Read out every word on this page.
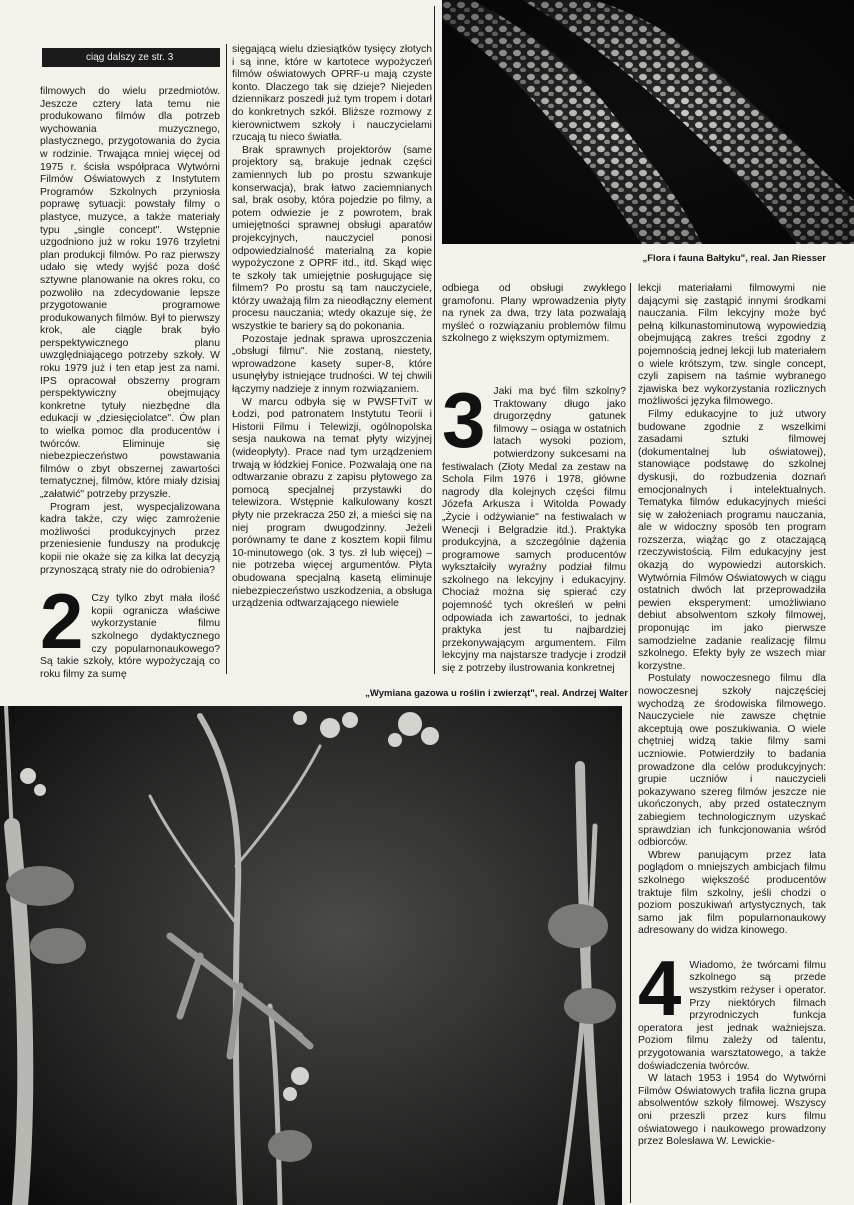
ciąg dalszy ze str. 3

filmowych do wielu przedmiotów. Jeszcze cztery lata temu nie produkowano filmów dla potrzeb wychowania muzycznego, plastycznego, przygotowania do życia w rodzinie. Trwająca mniej więcej od 1975 r. ścisła współpraca Wytwórni Filmów Oświatowych z Instytutem Programów Szkolnych przyniosła poprawę sytuacji: powstały filmy o plastyce, muzyce, a także materiały typu „single concept". Wstępnie uzgodniono już w roku 1976 trzyletni plan produkcji filmów. Po raz pierwszy udało się wtedy wyjść poza dość sztywne planowanie na okres roku, co pozwoliło na zdecydowanie lepsze przygotowanie programowe produkowanych filmów. Był to pierwszy krok, ale ciągle brak było perspektywicznego planu uwzględniającego potrzeby szkoły. W roku 1979 już i ten etap jest za nami. IPS opracował obszerny program perspektywiczny obejmujący konkretne tytuły niezbędne dla edukacji w „dziesięciolatce". Ów plan to wielka pomoc dla producentów i twórców. Eliminuje się niebezpieczeństwo powstawania filmów o zbyt obszernej zawartości tematycznej, filmów, które miały dzisiaj „załatwić" potrzeby przyszłe.

Program jest, wyspecjalizowana kadra także, czy więc zamrożenie możliwości produkcyjnych przez przeniesienie funduszy na produkcję kopii nie okaże się za kilka lat decyzją przynoszącą straty nie do odrobienia?

2 Czy tylko zbyt mała ilość kopii ogranicza właściwe wykorzystanie filmu szkolnego dydaktycznego czy popularnonaukowego? Są takie szkoły, które wypożyczają co roku filmy za sumę

sięgającą wielu dziesiątków tysięcy złotych i są inne, które w kartotece wypożyczeń filmów oświatowych OPRF-u mają czyste konto. Dlaczego tak się dzieje? Niejeden dziennikarz poszedł już tym tropem i dotarł do konkretnych szkół. Bliższe rozmowy z kierownictwem szkoły i nauczycielami rzucają tu nieco światła.

Brak sprawnych projektorów (same projektory są, brakuje jednak części zamiennych lub po prostu szwankuje konserwacja), brak łatwo zaciemnianych sal, brak osoby, która pojedzie po filmy, a potem odwiezie je z powrotem, brak umiejętności sprawnej obsługi aparatów projekcyjnych, nauczyciel ponosi odpowiedzialność materialną za kopie wypożyczone z OPRF itd., itd. Skąd więc te szkoły tak umiejętnie posługujące się filmem? Po prostu są tam nauczyciele, którzy uważają film za nieodłączny element procesu nauczania; wtedy okazuje się, że wszystkie te bariery są do pokonania.

Pozostaje jednak sprawa uproszczenia „obsługi filmu". Nie zostaną, niestety, wprowadzone kasety super-8, które usunęłyby istniejące trudności. W tej chwili łączymy nadzieje z innym rozwiązaniem.

W marcu odbyła się w PWSFTviT w Łodzi, pod patronatem Instytutu Teorii i Historii Filmu i Telewizji, ogólnopolska sesja naukowa na temat płyty wizyjnej (wideopłyty). Prace nad tym urządzeniem trwają w łódzkiej Fonice. Pozwalają one na odtwarzanie obrazu z zapisu płytowego za pomocą specjalnej przystawki do telewizora. Wstępnie kalkulowany koszt płyty nie przekracza 250 zł, a mieści się na niej program dwugodzinny. Jeżeli porównamy te dane z kosztem kopii filmu 10-minutowego (ok. 3 tys. zł lub więcej) – nie potrzeba więcej argumentów. Płyta obudowana specjalną kasetą eliminuje niebezpieczeństwo uszkodzenia, a obsługa urządzenia odtwarzającego niewiele

„Flora i fauna Bałtyku", real. Jan Riesser

odbiega od obsługi zwykłego gramofonu. Plany wprowadzenia płyty na rynek za dwa, trzy lata pozwalają myśleć o rozwiązaniu problemów filmu szkolnego z większym optymizmem.

3 Jaki ma być film szkolny? Traktowany długo jako drugorzędny gatunek filmowy – osiąga w ostatnich latach wysoki poziom, potwierdzony sukcesami na festiwalach (Złoty Medal za zestaw na Schola Film 1976 i 1978, główne nagrody dla kolejnych części filmu Józefa Arkusza i Witolda Powady „Życie i odżywianie" na festiwalach w Wenecji i Belgradzie itd.). Praktyka produkcyjna, a szczególnie dążenia programowe samych producentów wykształciły wyraźny podział filmu szkolnego na lekcyjny i edukacyjny. Chociaż można się spierać czy pojemność tych określeń w pełni odpowiada ich zawartości, to jednak praktyka jest tu najbardziej przekonywającym argumentem. Film lekcyjny ma najstarsze tradycje i zrodził się z potrzeby ilustrowania konkretnej

lekcji materiałami filmowymi nie dającymi się zastąpić innymi środkami nauczania. Film lekcyjny może być pełną kilkunastominutową wypowiedzią obejmującą zakres treści zgodny z pojemnością jednej lekcji lub materiałem o wiele krótszym, tzw. single concept, czyli zapisem na taśmie wybranego zjawiska bez wykorzystania rozlicznych możliwości języka filmowego.

Filmy edukacyjne to już utwory budowane zgodnie z wszelkimi zasadami sztuki filmowej (dokumentalnej lub oświatowej), stanowiące podstawę do szkolnej dyskusji, do rozbudzenia doznań emocjonalnych i intelektualnych. Tematyka filmów edukacyjnych mieści się w założeniach programu nauczania, ale w widoczny sposób ten program rozszerza, wiążąc go z otaczającą rzeczywistością. Film edukacyjny jest okazją do wypowiedzi autorskich. Wytwórnia Filmów Oświatowych w ciągu ostatnich dwóch lat przeprowadziła pewien eksperyment: umożliwiano debiut absolwentom szkoły filmowej, proponując im jako pierwsze samodzielne zadanie realizację filmu szkolnego. Efekty były ze wszech miar korzystne.

Postulaty nowoczesnego filmu dla nowoczesnej szkoły najczęściej wychodzą ze środowiska filmowego. Nauczyciele nie zawsze chętnie akceptują owe poszukiwania. O wiele chętniej widzą takie filmy sami uczniowie. Potwierdziły to badania prowadzone dla celów produkcyjnych: grupie uczniów i nauczycieli pokazywano szereg filmów jeszcze nie ukończonych, aby przed ostatecznym zabiegiem technologicznym uzyskać sprawdzian ich funkcjonowania wśród odbiorców.

Wbrew panującym przez lata poglądom o mniejszych ambicjach filmu szkolnego większość producentów traktuje film szkolny, jeśli chodzi o poziom poszukiwań artystycznych, tak samo jak film popularnonaukowy adresowany do widza kinowego.

4 Wiadomo, że twórcami filmu szkolnego są przede wszystkim reżyser i operator. Przy niektórych filmach przyrodniczych funkcja operatora jest jednak ważniejsza. Poziom filmu zależy od talentu, przygotowania warsztatowego, a także doświadczenia twórców.

W latach 1953 i 1954 do Wytwórni Filmów Oświatowych trafiła liczna grupa absolwentów szkoły filmowej. Wszyscy oni przeszli przez kurs filmu oświatowego i naukowego prowadzony przez Bolesława W. Lewickie-

„Wymiana gazowa u roślin i zwierząt", real. Andrzej Walter
